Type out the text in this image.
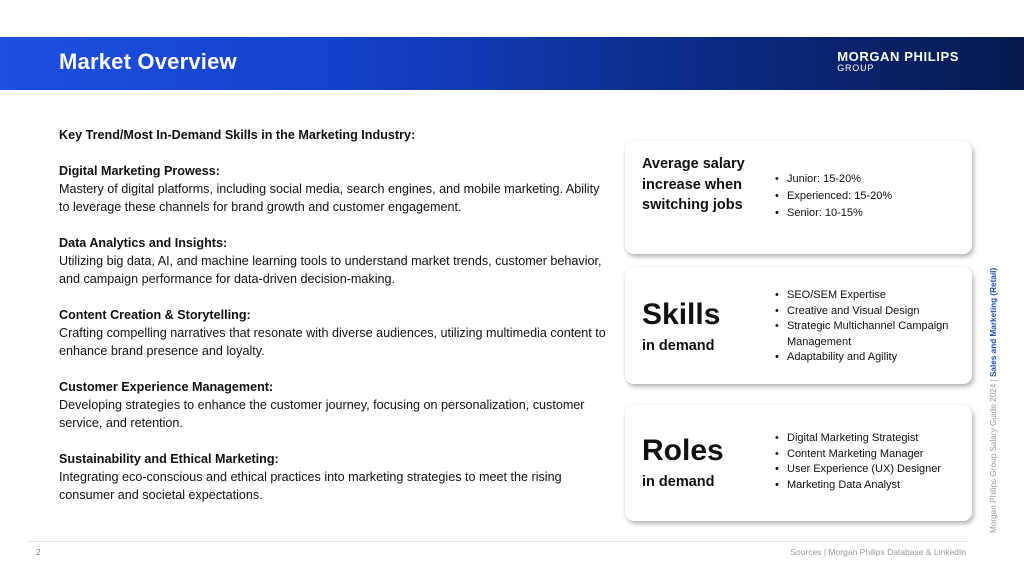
Market Overview	MORGAN PHILIPS
GROUP

Key Trend/Most In-Demand Skills in the Marketing Industry:

Digital Marketing Prowess:

Mastery of digital platforms, including social media, search engines, and mobile marketing. Ability to leverage these channels for brand growth and customer engagement.

Data Analytics and Insights:

Utilizing big data, AI, and machine learning tools to understand market trends, customer behavior, and campaign performance for data-driven decision-making.

Content Creation & Storytelling:

Crafting compelling narratives that resonate with diverse audiences, utilizing multimedia content to enhance brand presence and loyalty.

Customer Experience Management:

Developing strategies to enhance the customer journey, focusing on personalization, customer service, and retention.

Sustainability and Ethical Marketing:

Integrating eco-conscious and ethical practices into marketing strategies to meet the rising consumer and societal expectations.

Average salary increase when switching jobs
• Junior: 15-20%
• Experienced: 15-20%
• Senior: 10-15%
Skills
in demand
• SEO/SEM Expertise
• Creative and Visual Design
• Strategic Multichannel Campaign Management
• Adaptability and Agility
Roles
in demand
• Digital Marketing Strategist
• Content Marketing Manager
• User Experience (UX) Designer
• Marketing Data Analyst	Morgan Philips Group Salary Guide 2024 | Sales and Marketing (Retail)
2	Sources | Morgan Philips Database & LinkedIn
